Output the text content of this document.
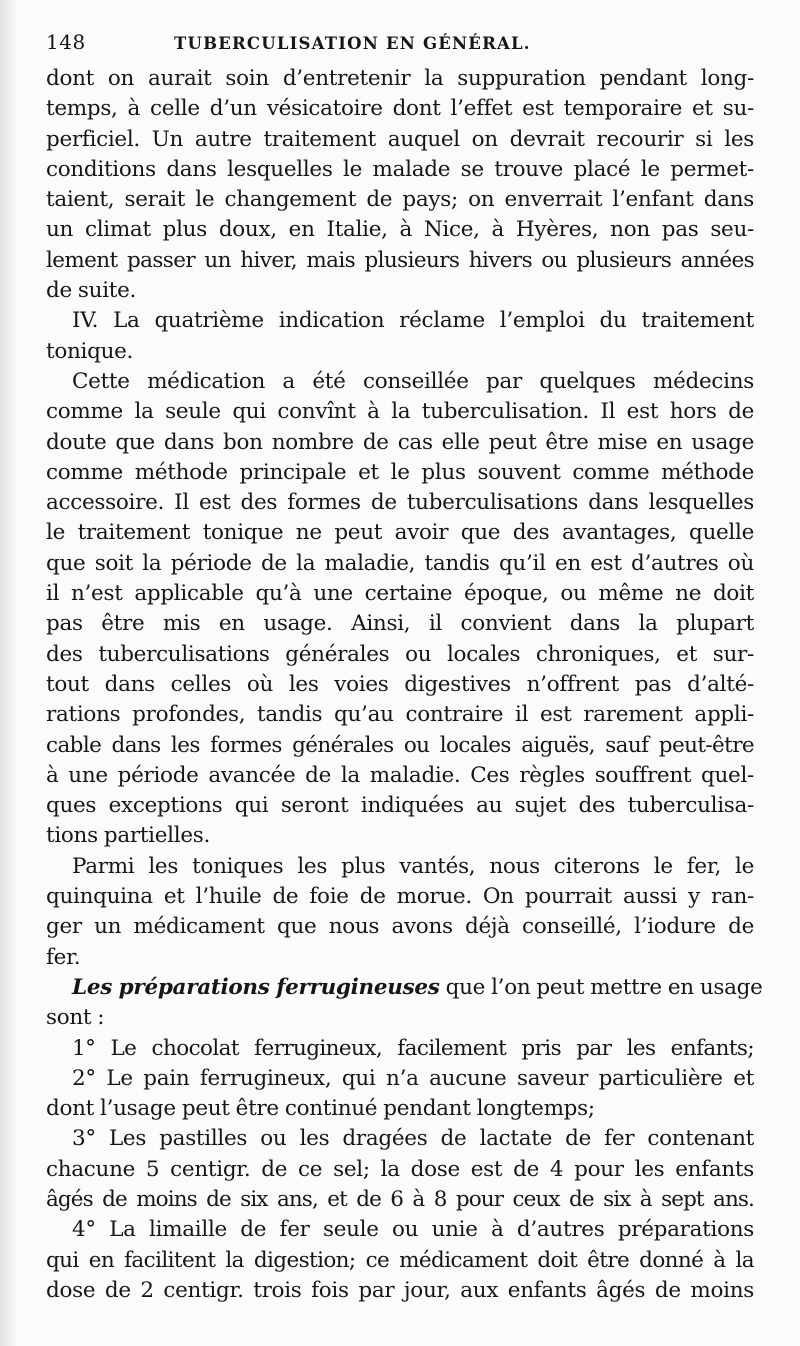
148	TUBERCULISATION EN GÉNÉRAL.
dont on aurait soin d’entretenir la suppuration pendant long-
temps, à celle d’un vésicatoire dont l’effet est temporaire et su-
perficiel. Un autre traitement auquel on devrait recourir si les
conditions dans lesquelles le malade se trouve placé le permet-
taient, serait le changement de pays; on enverrait l’enfant dans
un climat plus doux, en Italie, à Nice, à Hyères, non pas seu-
lement passer un hiver, mais plusieurs hivers ou plusieurs années
de suite.
IV. La quatrième indication réclame l’emploi du traitement
tonique.
Cette médication a été conseillée par quelques médecins
comme la seule qui convînt à la tuberculisation. Il est hors de
doute que dans bon nombre de cas elle peut être mise en usage
comme méthode principale et le plus souvent comme méthode
accessoire. Il est des formes de tuberculisations dans lesquelles
le traitement tonique ne peut avoir que des avantages, quelle
que soit la période de la maladie, tandis qu’il en est d’autres où
il n’est applicable qu’à une certaine époque, ou même ne doit
pas être mis en usage. Ainsi, il convient dans la plupart
des tuberculisations générales ou locales chroniques, et sur-
tout dans celles où les voies digestives n’offrent pas d’alté-
rations profondes, tandis qu’au contraire il est rarement appli-
cable dans les formes générales ou locales aiguës, sauf peut-être
à une période avancée de la maladie. Ces règles souffrent quel-
ques exceptions qui seront indiquées au sujet des tuberculisa-
tions partielles.
Parmi les toniques les plus vantés, nous citerons le fer, le
quinquina et l’huile de foie de morue. On pourrait aussi y ran-
ger un médicament que nous avons déjà conseillé, l’iodure de
fer.
Les préparations ferrugineuses que l’on peut mettre en usage
sont :
1° Le chocolat ferrugineux, facilement pris par les enfants;
2° Le pain ferrugineux, qui n’a aucune saveur particulière et
dont l’usage peut être continué pendant longtemps;
3° Les pastilles ou les dragées de lactate de fer contenant
chacune 5 centigr. de ce sel; la dose est de 4 pour les enfants
âgés de moins de six ans, et de 6 à 8 pour ceux de six à sept ans.
4° La limaille de fer seule ou unie à d’autres préparations
qui en facilitent la digestion; ce médicament doit être donné à la
dose de 2 centigr. trois fois par jour, aux enfants âgés de moins
